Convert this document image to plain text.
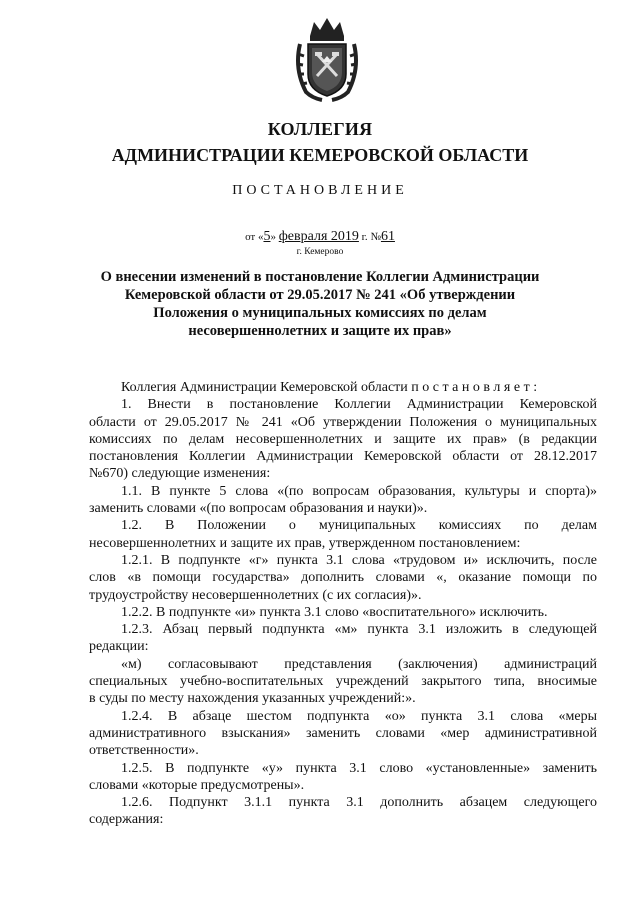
КОЛЛЕГИЯ
АДМИНИСТРАЦИИ КЕМЕРОВСКОЙ ОБЛАСТИ
ПОСТАНОВЛЕНИЕ
от «5» февраля 2019 г. №61
г. Кемерово
О внесении изменений в постановление Коллегии Администрации
Кемеровской области от 29.05.2017 № 241 «Об утверждении
Положения о муниципальных комиссиях по делам
несовершеннолетних и защите их прав»
Коллегия Администрации Кемеровской области п о с т а н о в л я е т :
1. Внести в постановление Коллегии Администрации Кемеровской
области от 29.05.2017 № 241 «Об утверждении Положения о муниципальных
комиссиях по делам несовершеннолетних и защите их прав» (в редакции
постановления Коллегии Администрации Кемеровской области от 28.12.2017
№670) следующие изменения:
1.1. В пункте 5 слова «(по вопросам образования, культуры и спорта)»
заменить словами «(по вопросам образования и науки)».
1.2. В Положении о муниципальных комиссиях по делам
несовершеннолетних и защите их прав, утвержденном постановлением:
1.2.1. В подпункте «г» пункта 3.1 слова «трудовом и» исключить, после
слов «в помощи государства» дополнить словами «, оказание помощи по
трудоустройству несовершеннолетних (с их согласия)».
1.2.2. В подпункте «и» пункта 3.1 слово «воспитательного» исключить.
1.2.3. Абзац первый подпункта «м» пункта 3.1 изложить в следующей
редакции:
«м) согласовывают представления (заключения) администраций
специальных учебно-воспитательных учреждений закрытого типа, вносимые
в суды по месту нахождения указанных учреждений:».
1.2.4. В абзаце шестом подпункта «о» пункта 3.1 слова «меры
административного взыскания» заменить словами «мер административной
ответственности».
1.2.5. В подпункте «у» пункта 3.1 слово «установленные» заменить
словами «которые предусмотрены».
1.2.6. Подпункт 3.1.1 пункта 3.1 дополнить абзацем следующего
содержания:
